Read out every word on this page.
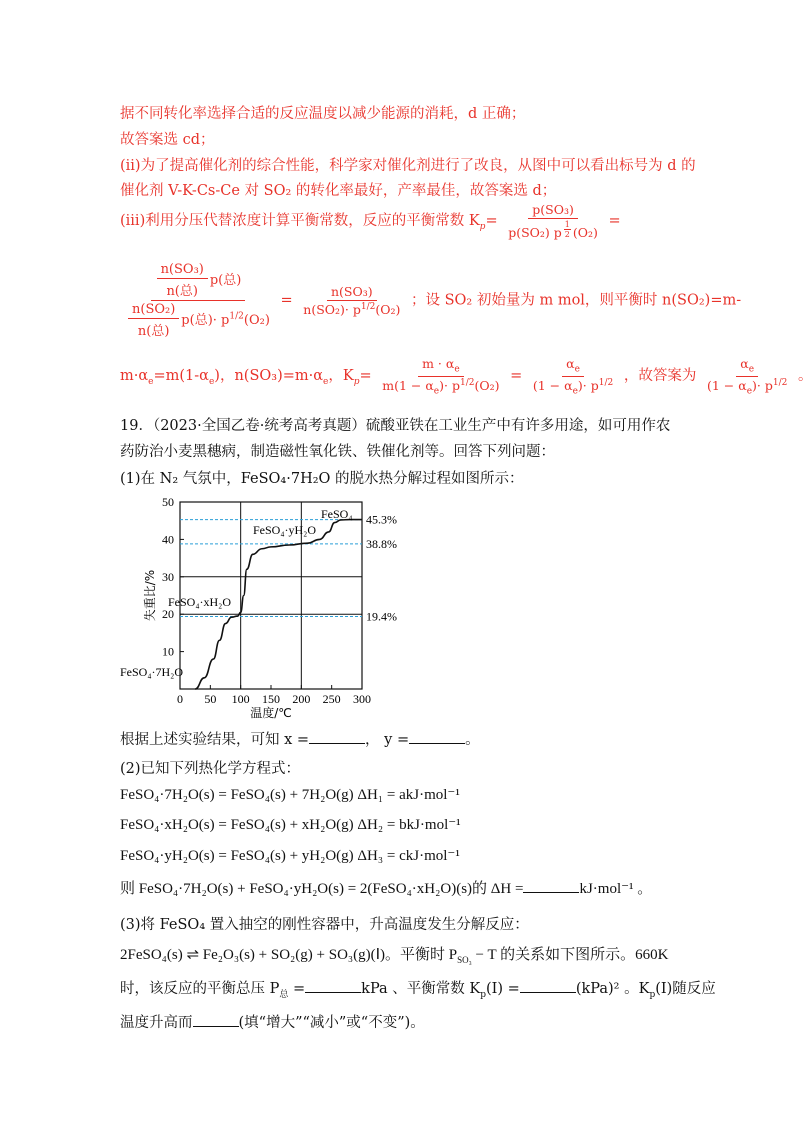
据不同转化率选择合适的反应温度以减少能源的消耗，d 正确；
故答案选 cd；
(ii)为了提高催化剂的综合性能，科学家对催化剂进行了改良，从图中可以看出标号为 d 的
催化剂 V-K-Cs-Ce 对 SO₂ 的转化率最好，产率最佳，故答案选 d；
(iii)利用分压代替浓度计算平衡常数，反应的平衡常数 $K_p= p(SO_3)$
p(SO₂) p $^{\frac{1}{2}}$ (O₂) =
$\frac{\frac{\text{n(SO₃)}}{\text{n(总)}} p(总)}{\frac{\text{n(SO₂)}}{\text{n(总)}} p(总)\cdot p^{1/2}(O_2)} = \frac{\text{n(SO₃)}}{n(SO_2)\cdot p^{1/2}(O_2)}$ ；设 SO₂ 初始量为 m mol，则平衡时 n(SO₂)=m-
$m\cdot\alpha_e=m(1-\alpha_e)$，$n(SO_3)=m\cdot\alpha_e$，$K_p= \frac{m \cdot \alpha_e}{m(1 - \alpha_e)\cdot p^{1/2}(O_2)} = \frac{\alpha_e}{(1 - \alpha_e)\cdot p^{1/2}}$ ，故答案为 $\frac{\alpha_e}{(1 - \alpha_e)\cdot p^{1/2}}$ 。
19．（2023·全国乙卷·统考高考真题）硫酸亚铁在工业生产中有许多用途，如可用作农
药防治小麦黑穗病，制造磁性氧化铁、铁催化剂等。回答下列问题：
(1)在 N₂ 气氛中，FeSO₄·7H₂O 的脱水热分解过程如图所示：
0 50 100 150 200 250 300
10
20
30
40
50
45.3%
38.8%
19.4%
FeSO₄
FeSO₄·yH₂O
FeSO₄·xH₂O
FeSO₄·7H₂O
温度/℃
失重比/%
根据上述实验结果，可知 x =	， y =	。
(2)已知下列热化学方程式：
FeSO₄·7H₂O(s) = FeSO₄(s) + 7H₂O(g) ΔH₁ = akJ·mol⁻¹
FeSO₄·xH₂O(s) = FeSO₄(s) + xH₂O(g) ΔH₂ = bkJ·mol⁻¹
FeSO₄·yH₂O(s) = FeSO₄(s) + yH₂O(g) ΔH₃ = ckJ·mol⁻¹
则 FeSO₄·7H₂O(s) + FeSO₄·yH₂O(s) = 2(FeSO₄·xH₂O)(s)的 ΔH =	kJ·mol⁻¹ 。
(3)将 FeSO₄ 置入抽空的刚性容器中，升高温度发生分解反应：
2FeSO₄(s) ⇌ Fe₂O₃(s) + SO₂(g) + SO₃(g)(Ⅰ)。平衡时 $P_{SO_3} - T$ 的关系如下图所示。660K
时，该反应的平衡总压 $P_总$ =	kPa 、平衡常数 $K_p(Ⅰ)$ =	(kPa)² 。$K_p(Ⅰ)$随反应
温度升高而	(填“增大”“减小”或“不变”)。
